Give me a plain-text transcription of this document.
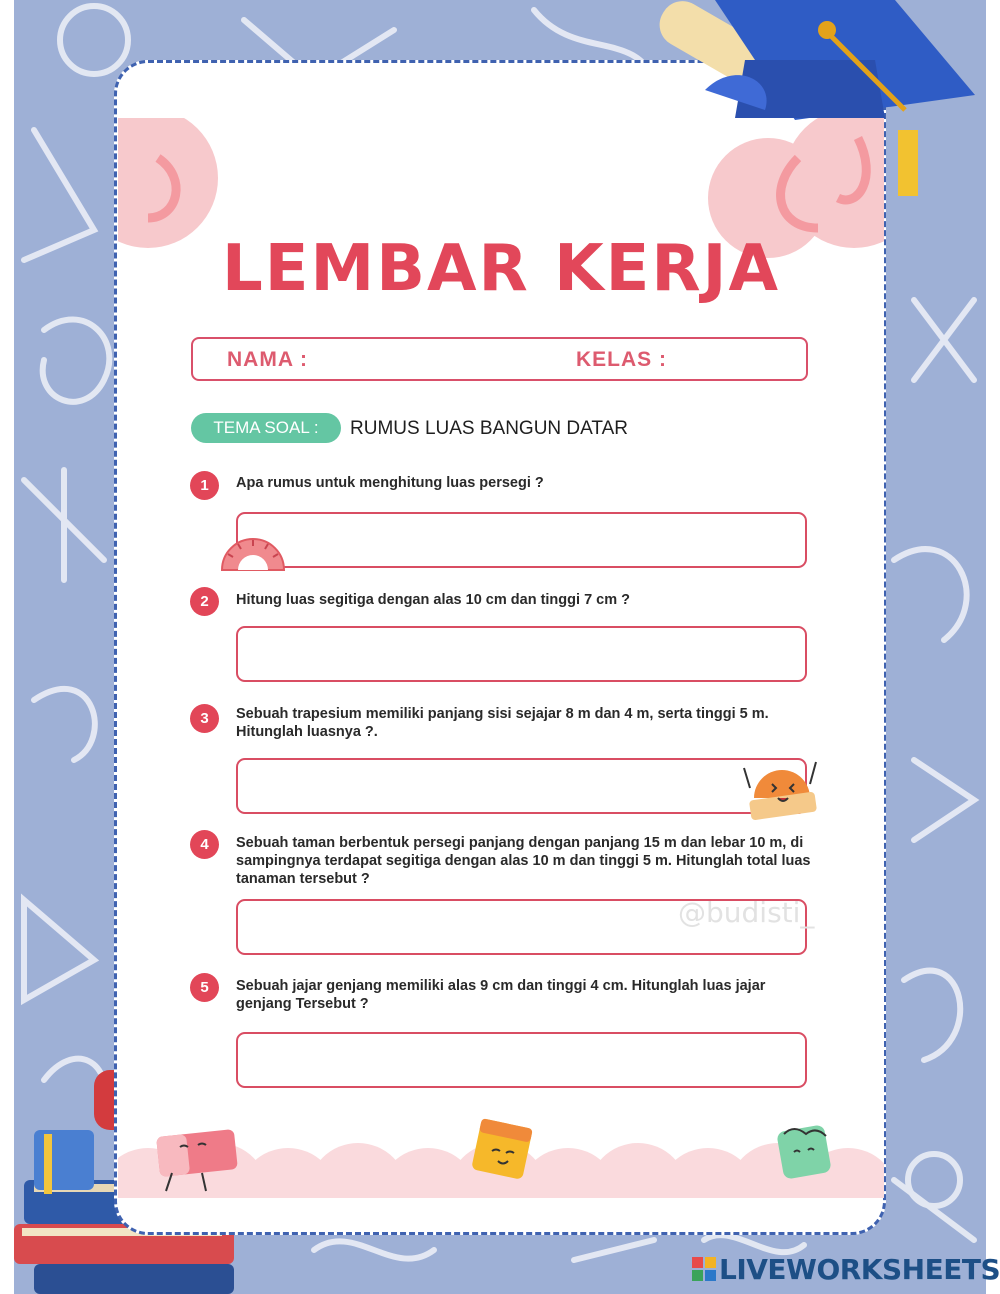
LEMBAR KERJA
NAMA :	KELAS :
TEMA SOAL :	RUMUS LUAS BANGUN DATAR
1	Apa rumus untuk menghitung luas persegi ?

2	Hitung luas segitiga dengan alas 10 cm dan tinggi 7 cm ?

3	Sebuah trapesium memiliki panjang sisi sejajar 8 m dan 4 m, serta tinggi 5 m. Hitunglah luasnya ?.

4	Sebuah taman berbentuk persegi panjang dengan panjang 15 m dan lebar 10 m, di sampingnya terdapat segitiga dengan alas 10 m dan tinggi 5 m. Hitunglah total luas tanaman tersebut ?

5	Sebuah jajar genjang memiliki alas 9 cm dan tinggi 4 cm. Hitunglah luas jajar genjang Tersebut ?

@budisti_
LIVEWORKSHEETS
